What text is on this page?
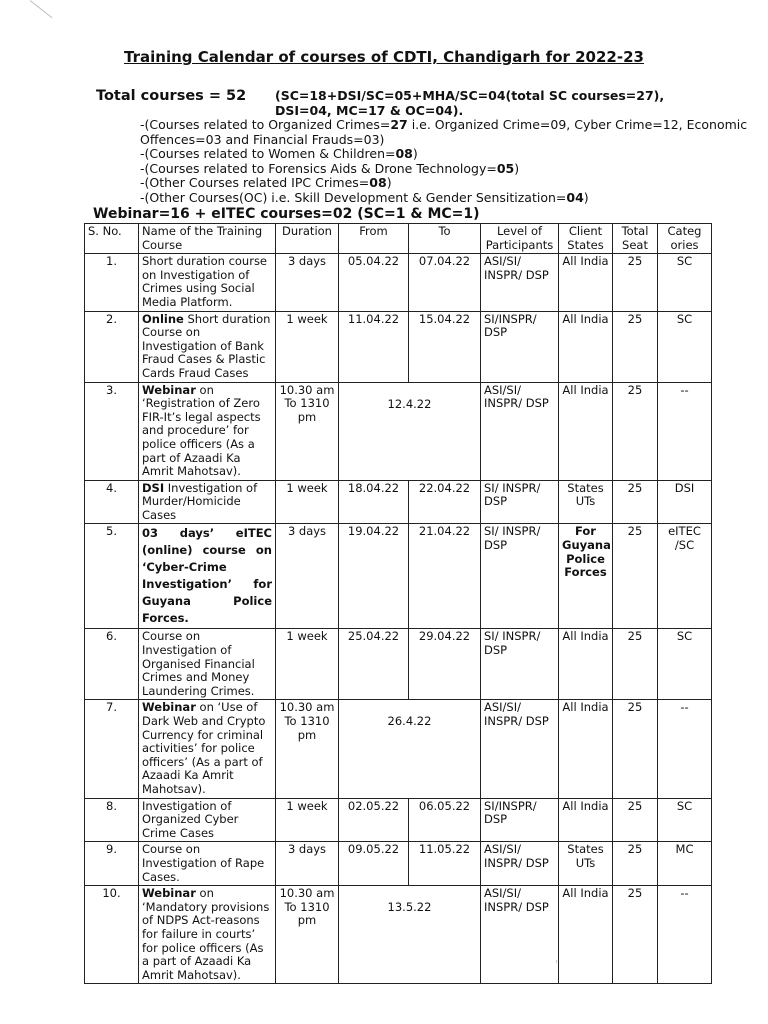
Training Calendar of courses of CDTI, Chandigarh for 2022-23
Total courses = 52 (SC=18+DSI/SC=05+MHA/SC=04(total SC courses=27),
DSI=04, MC=17 & OC=04).
-(Courses related to Organized Crimes=27 i.e. Organized Crime=09, Cyber Crime=12, Economic Offences=03 and Financial Frauds=03)
-(Courses related to Women & Children=08)
-(Courses related to Forensics Aids & Drone Technology=05)
-(Other Courses related IPC Crimes=08)
-(Other Courses(OC) i.e. Skill Development & Gender Sensitization=04)
Webinar=16 + eITEC courses=02 (SC=1 & MC=1)
S. No.	Name of the Training Course	Duration	From	To	Level of Participants	Client States	Total Seat	Categ ories
1.	Short duration course on Investigation of Crimes using Social Media Platform.	3 days	05.04.22	07.04.22	ASI/SI/ INSPR/ DSP	All India	25	SC
2.	Online Short duration Course on Investigation of Bank Fraud Cases & Plastic Cards Fraud Cases	1 week	11.04.22	15.04.22	SI/INSPR/ DSP	All India	25	SC
3.	Webinar on ‘Registration of Zero FIR-It’s legal aspects and procedure’ for police officers (As a part of Azaadi Ka Amrit Mahotsav).	10.30 am To 1310 pm	12.4.22		ASI/SI/ INSPR/ DSP	All India	25	--
4.	DSI Investigation of Murder/Homicide Cases	1 week	18.04.22	22.04.22	SI/ INSPR/ DSP	States UTs	25	DSI
5.	03 days’ eITEC (online) course on ‘Cyber-Crime Investigation’ for Guyana Police Forces.	3 days	19.04.22	21.04.22	SI/ INSPR/ DSP	For Guyana Police Forces	25	eITEC /SC
6.	Course on Investigation of Organised Financial Crimes and Money Laundering Crimes.	1 week	25.04.22	29.04.22	SI/ INSPR/ DSP	All India	25	SC
7.	Webinar on ‘Use of Dark Web and Crypto Currency for criminal activities’ for police officers’ (As a part of Azaadi Ka Amrit Mahotsav).	10.30 am To 1310 pm	26.4.22		ASI/SI/ INSPR/ DSP	All India	25	--
8.	Investigation of Organized Cyber Crime Cases	1 week	02.05.22	06.05.22	SI/INSPR/ DSP	All India	25	SC
9.	Course on Investigation of Rape Cases.	3 days	09.05.22	11.05.22	ASI/SI/ INSPR/ DSP	States UTs	25	MC
10.	Webinar on ‘Mandatory provisions of NDPS Act-reasons for failure in courts’ for police officers (As a part of Azaadi Ka Amrit Mahotsav).	10.30 am To 1310 pm	13.5.22		ASI/SI/ INSPR/ DSP	All India	25	--
